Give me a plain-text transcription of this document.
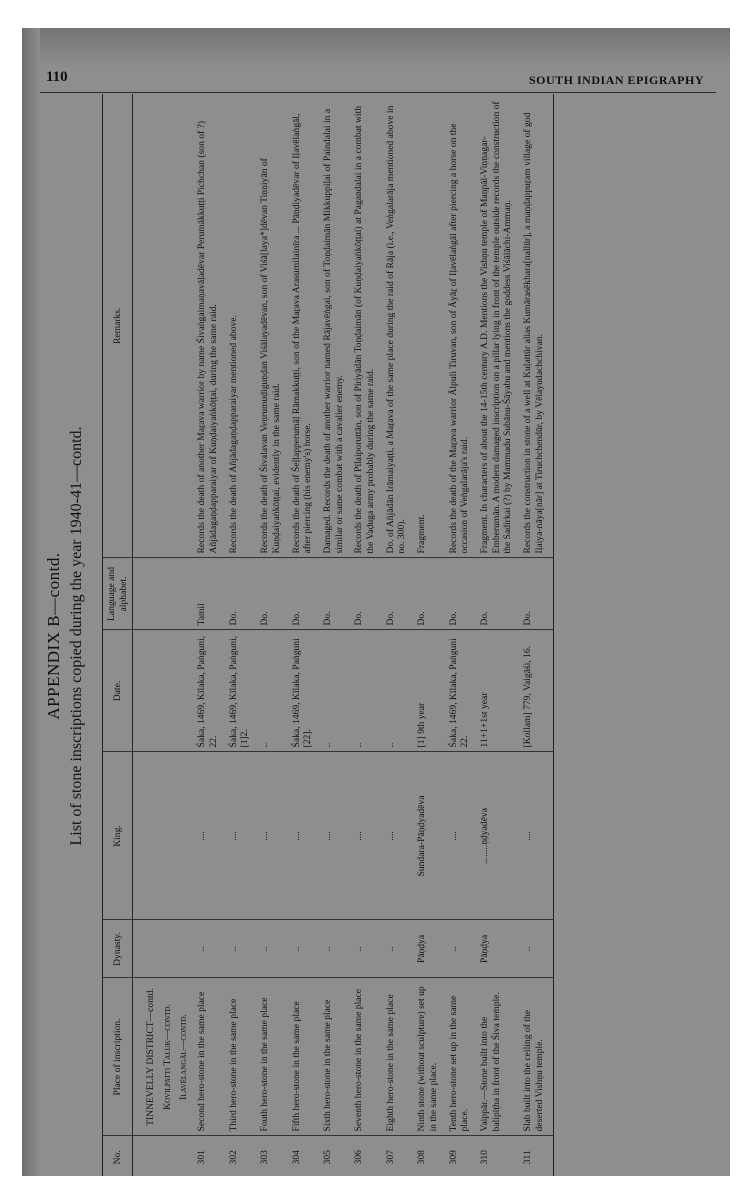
110	SOUTH INDIAN EPIGRAPHY
APPENDIX B—contd. List of stone inscriptions copied during the year 1940-41—contd.
No.	Place of inscription.	Dynasty.	King.	Date.	Language and alphabet.	Remarks.

	TINNEVELLY DISTRICT—contd. Kovilpatti Taluk—contd. Ilavēlangāl—contd.					

301	Second hero-stone in the same place	..	....	Śaka, 1469, Kīlaka, Paṅguni, 22.	Tamil	Records the death of another Maṟava warrior by name Śivaṅgaimaṇavāḷadēvar Perumākkuṭṭi Pichchan (son of ?) Añjādagaṇḍapparaiyar of Kuṇḍaiyaṅkōṭṭai, during the same raid.
302	Third hero-stone in the same place	..	....	Śaka, 1469, Kīlaka, Paṅguni, [1]2.	Do.	Records the death of Añjādagaṇḍapparaiyar mentioned above.
303	Fouth hero-stone in the same place	..	....	..	Do.	Records the death of Śivalavan Veṇrumuḍiguṇḍan Viśālayadēvan, son of Viśā[laya*]dēvan Tiṇṇiyān of Kuṇḍaiyaṅkōṭṭai, evidently in the same raid.
304	Fifth hero-stone in the same place	..	....	Śaka, 1469, Kīlaka, Paṅguni [22].	Do.	Records the death of Śeḷḷapperumāḷ Rāmakkuṭṭi, son of the Maṟava Arasumilainīra ... Pāṇḍiyadēvar of Iḷavēlaṅgāl, after piercing (his enemy's) horse.
305	Sixth hero-stone in the same place	..	....	..	Do.	Damaged. Records the death of another warrior named Rājavēṅgai, son of Toṇḍaimān Mikkuppiḷai of Paindalai in a similar or same combat with a cavalier enemy.
306	Seventh hero-stone in the same place	..	....	..	Do.	Records the death of Pīlaiporuttān, son of Piriyādān Toṇḍaimān (of Kuṇḍaiyaṅkōṭṭai) at Pagandalai in a combat with the Vaḍuga army probably during the same raid.
307	Eighth hero-stone in the same place	..	....	..	Do.	Do. of Añjādān Irāmaiyaṭṭi, a Maṟava of the same place during the raid of Rāja (i.e., Veṅgalarāja mentioned above in no. 300).
308	Ninth stone (without sculpture) set up in the same place.	Pāṇḍya	Sundara-Pāṇḍyadēva	[1] 9th year	Do.	Fragment.
309	Tenth hero-stone set up in the same place.	..	....	Śaka, 1469, Kīlaka, Paṅguni 22.	Do.	Records the death of the Maṟava warrior Ālpuli Tiruvan, son of Āyāṟ of Iḷavēlaṅgāl after piercing a horse on the occasion of Veṅgalarāja's raid.
310	Vaippār.—Stone built into the balipīṭha in front of the Śiva temple.	Pāṇḍya	........ṇḍyadēva	11+1+1st year	Do.	Fragment. In characters of about the 14-15th century A.D. Mentions the Vishṇu temple of Maṇpāl-Viṇṇagar-Emberumān. A modern damaged inscription on a pillar lying in front of the temple outside records the construction of the Sadirkai (?) by Mammadu Subānu-Śāyabu and mentions the goddess Viśālāchi-Ammaṇ.
311	Slab built into the ceiling of the deserted Vishṇu temple.	..	....	[Kollam] 779, Vaigāśi, 16.	Do.	Records the construction in stone of a well at Kuḷattūr alias Kumārasēkhara[nallūr], a maṇḍappuṟam village of god Iḷaiya-nāya[nār] at Tiruchchendūr, by Vēlayudachchivan.
